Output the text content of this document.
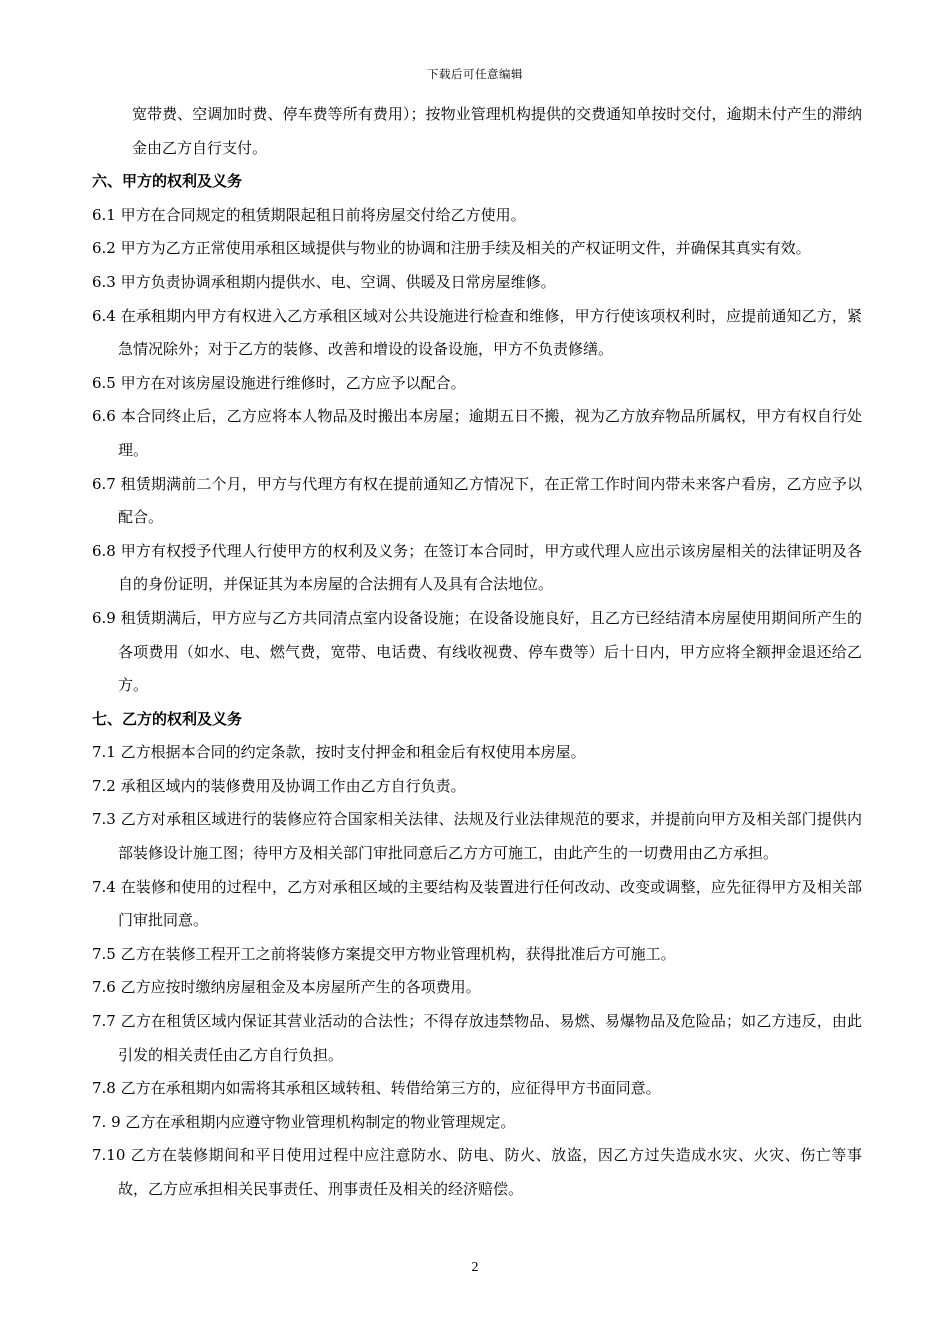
下载后可任意编辑

宽带费、空调加时费、停车费等所有费用）；按物业管理机构提供的交费通知单按时交付，逾期未付产生的滞纳金由乙方自行支付。

六、甲方的权利及义务

6.1 甲方在合同规定的租赁期限起租日前将房屋交付给乙方使用。

6.2 甲方为乙方正常使用承租区域提供与物业的协调和注册手续及相关的产权证明文件，并确保其真实有效。

6.3 甲方负责协调承租期内提供水、电、空调、供暖及日常房屋维修。

6.4 在承租期内甲方有权进入乙方承租区域对公共设施进行检查和维修，甲方行使该项权利时，应提前通知乙方，紧急情况除外；对于乙方的装修、改善和增设的设备设施，甲方不负责修缮。

6.5 甲方在对该房屋设施进行维修时，乙方应予以配合。

6.6 本合同终止后，乙方应将本人物品及时搬出本房屋；逾期五日不搬，视为乙方放弃物品所属权，甲方有权自行处理。

6.7 租赁期满前二个月，甲方与代理方有权在提前通知乙方情况下，在正常工作时间内带未来客户看房，乙方应予以配合。

6.8 甲方有权授予代理人行使甲方的权利及义务；在签订本合同时，甲方或代理人应出示该房屋相关的法律证明及各自的身份证明，并保证其为本房屋的合法拥有人及具有合法地位。

6.9 租赁期满后，甲方应与乙方共同清点室内设备设施；在设备设施良好，且乙方已经结清本房屋使用期间所产生的各项费用（如水、电、燃气费，宽带、电话费、有线收视费、停车费等）后十日内，甲方应将全额押金退还给乙方。

七、乙方的权利及义务

7.1 乙方根据本合同的约定条款，按时支付押金和租金后有权使用本房屋。

7.2 承租区域内的装修费用及协调工作由乙方自行负责。

7.3 乙方对承租区域进行的装修应符合国家相关法律、法规及行业法律规范的要求，并提前向甲方及相关部门提供内部装修设计施工图；待甲方及相关部门审批同意后乙方方可施工，由此产生的一切费用由乙方承担。

7.4 在装修和使用的过程中，乙方对承租区域的主要结构及装置进行任何改动、改变或调整，应先征得甲方及相关部门审批同意。

7.5 乙方在装修工程开工之前将装修方案提交甲方物业管理机构，获得批准后方可施工。

7.6 乙方应按时缴纳房屋租金及本房屋所产生的各项费用。

7.7 乙方在租赁区域内保证其营业活动的合法性；不得存放违禁物品、易燃、易爆物品及危险品；如乙方违反，由此引发的相关责任由乙方自行负担。

7.8 乙方在承租期内如需将其承租区域转租、转借给第三方的，应征得甲方书面同意。

7. 9 乙方在承租期内应遵守物业管理机构制定的物业管理规定。

7.10 乙方在装修期间和平日使用过程中应注意防水、防电、防火、放盗，因乙方过失造成水灾、火灾、伤亡等事故，乙方应承担相关民事责任、刑事责任及相关的经济赔偿。

2
